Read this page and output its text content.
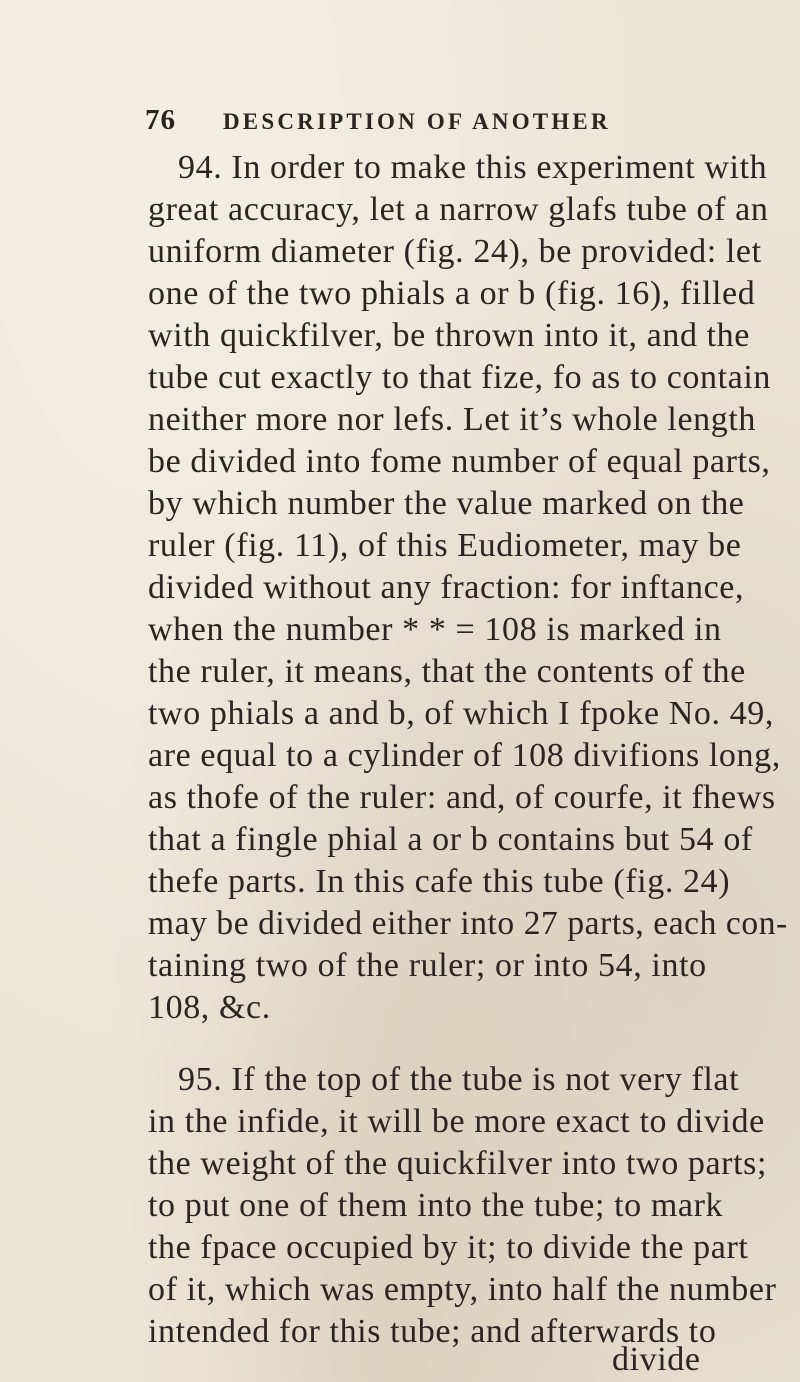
76	DESCRIPTION OF ANOTHER
94. In order to make this experiment with
great accuracy, let a narrow glafs tube of an
uniform diameter (fig. 24), be provided: let
one of the two phials a or b (fig. 16), filled
with quickfilver, be thrown into it, and the
tube cut exactly to that fize, fo as to contain
neither more nor lefs. Let it’s whole length
be divided into fome number of equal parts,
by which number the value marked on the
ruler (fig. 11), of this Eudiometer, may be
divided without any fraction: for inftance,
when the number * * = 108 is marked in
the ruler, it means, that the contents of the
two phials a and b, of which I fpoke No. 49,
are equal to a cylinder of 108 divifions long,
as thofe of the ruler: and, of courfe, it fhews
that a fingle phial a or b contains but 54 of
thefe parts. In this cafe this tube (fig. 24)
may be divided either into 27 parts, each con-
taining two of the ruler; or into 54, into
108, &c.
95. If the top of the tube is not very flat
in the infide, it will be more exact to divide
the weight of the quickfilver into two parts;
to put one of them into the tube; to mark
the fpace occupied by it; to divide the part
of it, which was empty, into half the number
intended for this tube; and afterwards to
divide
